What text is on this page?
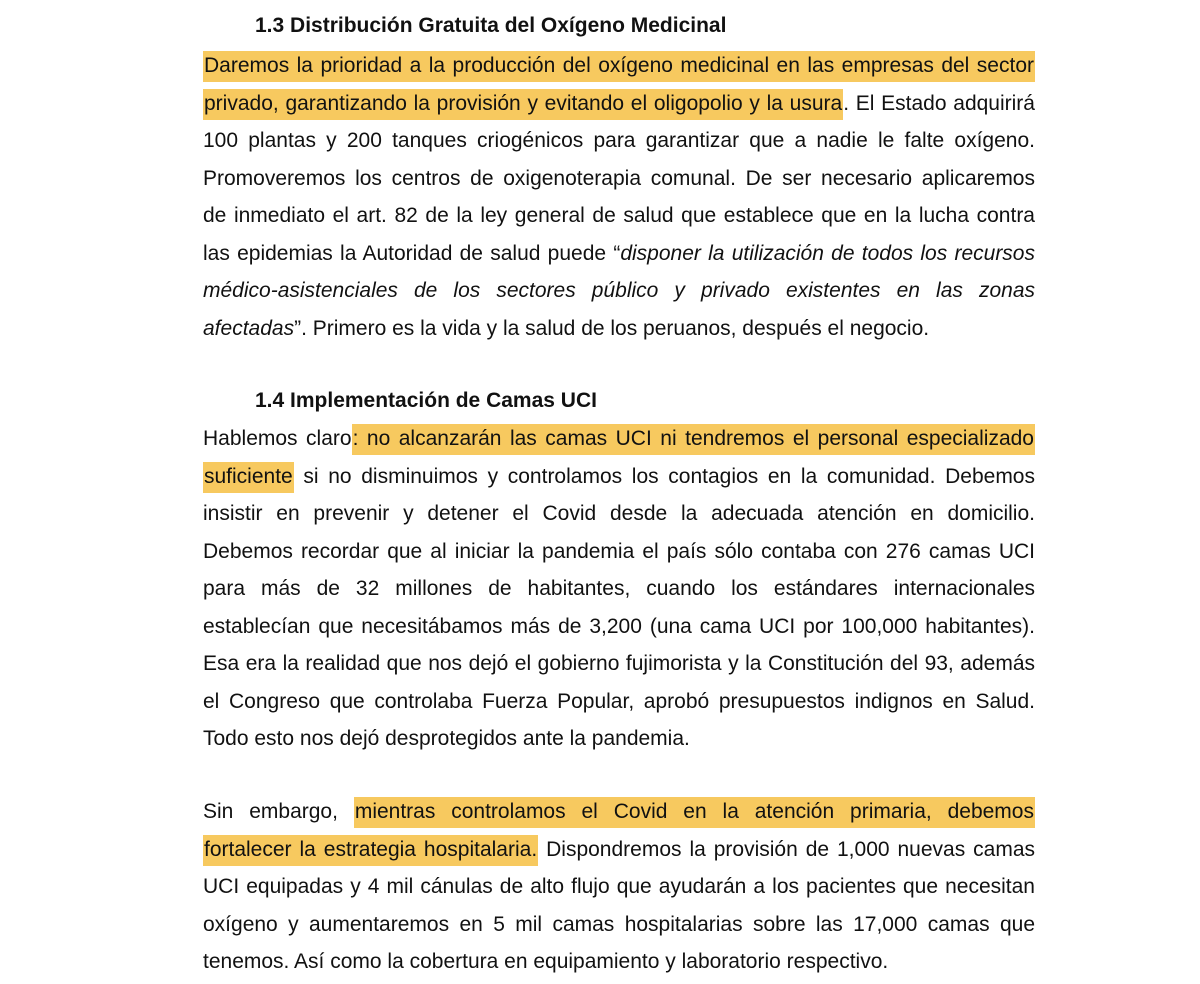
1.3 Distribución Gratuita del Oxígeno Medicinal
Daremos la prioridad a la producción del oxígeno medicinal en las empresas del sector
privado, garantizando la provisión y evitando el oligopolio y la usura. El Estado adquirirá
100 plantas y 200 tanques criogénicos para garantizar que a nadie le falte oxígeno.
Promoveremos los centros de oxigenoterapia comunal. De ser necesario aplicaremos
de inmediato el art. 82 de la ley general de salud que establece que en la lucha contra
las epidemias la Autoridad de salud puede “disponer la utilización de todos los recursos
médico-asistenciales de los sectores público y privado existentes en las zonas
afectadas”. Primero es la vida y la salud de los peruanos, después el negocio.
1.4 Implementación de Camas UCI
Hablemos claro: no alcanzarán las camas UCI ni tendremos el personal especializado
suficiente si no disminuimos y controlamos los contagios en la comunidad. Debemos
insistir en prevenir y detener el Covid desde la adecuada atención en domicilio.
Debemos recordar que al iniciar la pandemia el país sólo contaba con 276 camas UCI
para más de 32 millones de habitantes, cuando los estándares internacionales
establecían que necesitábamos más de 3,200 (una cama UCI por 100,000 habitantes).
Esa era la realidad que nos dejó el gobierno fujimorista y la Constitución del 93, además
el Congreso que controlaba Fuerza Popular, aprobó presupuestos indignos en Salud.
Todo esto nos dejó desprotegidos ante la pandemia.
Sin embargo, mientras controlamos el Covid en la atención primaria, debemos
fortalecer la estrategia hospitalaria. Dispondremos la provisión de 1,000 nuevas camas
UCI equipadas y 4 mil cánulas de alto flujo que ayudarán a los pacientes que necesitan
oxígeno y aumentaremos en 5 mil camas hospitalarias sobre las 17,000 camas que
tenemos. Así como la cobertura en equipamiento y laboratorio respectivo.
